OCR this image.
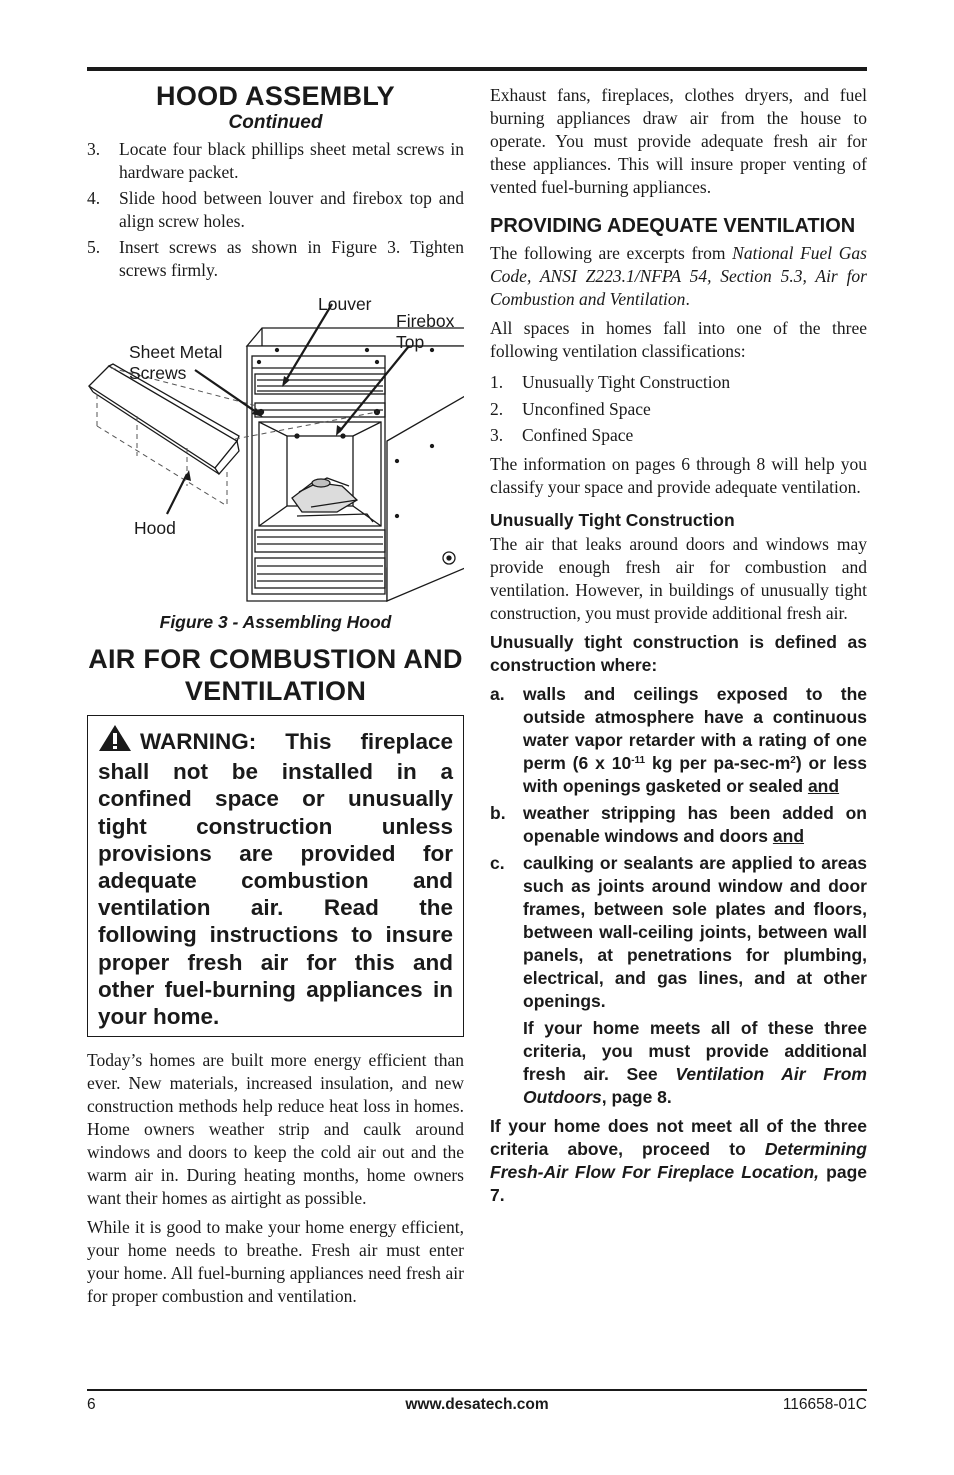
HOOD ASSEMBLY
Continued
3.	Locate four black phillips sheet metal screws in hardware packet.
4.	Slide hood between louver and firebox top and align screw holes.
5.	Insert screws as shown in Figure 3. Tighten screws firmly.
Louver
Firebox Top
Sheet Metal Screws
Hood
Figure 3 - Assembling Hood
AIR FOR COMBUSTION AND VENTILATION
WARNING: This fireplace shall not be installed in a confined space or unusually tight construction unless provisions are provided for adequate combustion and ventilation air. Read the following instructions to insure proper fresh air for this and other fuel-burning appliances in your home.

Today’s homes are built more energy efficient than ever. New materials, increased insulation, and new construction methods help reduce heat loss in homes. Home owners weather strip and caulk around windows and doors to keep the cold air out and the warm air in. During heating months, home owners want their homes as airtight as possible.

While it is good to make your home energy efficient, your home needs to breathe. Fresh air must enter your home. All fuel-burning appliances need fresh air for proper combustion and ventilation.

Exhaust fans, fireplaces, clothes dryers, and fuel burning appliances draw air from the house to operate. You must provide adequate fresh air for these appliances. This will insure proper venting of vented fuel-burning appliances.

PROVIDING ADEQUATE VENTILATION

The following are excerpts from National Fuel Gas Code, ANSI Z223.1/NFPA 54, Section 5.3, Air for Combustion and Ventilation.

All spaces in homes fall into one of the three following ventilation classifications:

1.	Unusually Tight Construction
2.	Unconfined Space
3.	Confined Space

The information on pages 6 through 8 will help you classify your space and provide adequate ventilation.

Unusually Tight Construction

The air that leaks around doors and windows may provide enough fresh air for combustion and ventilation. However, in buildings of unusually tight construction, you must provide additional fresh air.

Unusually tight construction is defined as construction where:

a.	walls and ceilings exposed to the outside atmosphere have a continuous water vapor retarder with a rating of one perm (6 x $10^{-11}$ kg per $pa-\sec-m^2$) or less with openings gasketed or sealed and
b. weather stripping has been added on openable windows and doors and
c.	caulking or sealants are applied to areas such as joints around window and door frames, between sole plates and floors, between wall-ceiling joints, between wall panels, at penetrations for plumbing, electrical, and gas lines, and at other openings.

If your home meets all of these three criteria, you must provide additional fresh air. See Ventilation Air From Outdoors, page 8.

If your home does not meet all of the three criteria above, proceed to Determining Fresh-Air Flow For Fireplace Location, page 7.

6	www.desatech.com	116658-01C
